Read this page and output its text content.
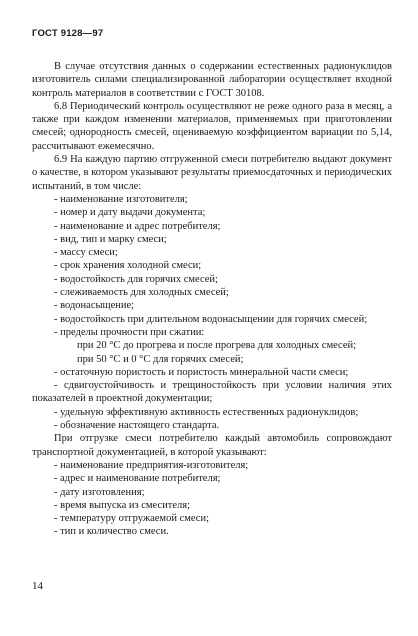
ГОСТ 9128—97

В случае отсутствия данных о содержании естественных радионуклидов изготовитель силами специализированной лаборатории осуществляет входной контроль материалов в соответствии с ГОСТ 30108.

6.8 Периодический контроль осуществляют не реже одного раза в месяц, а также при каждом изменении материалов, применяемых при приготовлении смесей; однородность смесей, оцениваемую коэффициентом вариации по 5,14, рассчитывают ежемесячно.

6.9 На каждую партию отгруженной смеси потребителю выдают документ о качестве, в котором указывают результаты приемосдаточных и периодических испытаний, в том числе:

- наименование изготовителя;

- номер и дату выдачи документа;

- наименование и адрес потребителя;

- вид, тип и марку смеси;

- массу смеси;

- срок хранения холодной смеси;

- водостойкость для горячих смесей;

- слеживаемость для холодных смесей;

- водонасыщение;

- водостойкость при длительном водонасыщении для горячих смесей;

- пределы прочности при сжатии:

при 20 °С до прогрева и после прогрева для холодных смесей;

при 50 °С и 0 °С для горячих смесей;

- остаточную пористость и пористость минеральной части смеси;

- сдвигоустойчивость и трещиностойкость при условии наличия этих показателей в проектной документации;

- удельную эффективную активность естественных радионуклидов;

- обозначение настоящего стандарта.

При отгрузке смеси потребителю каждый автомобиль сопровождают транспортной документацией, в которой указывают:

- наименование предприятия-изготовителя;

- адрес и наименование потребителя;

- дату изготовления;

- время выпуска из смесителя;

- температуру отгружаемой смеси;

- тип и количество смеси.

14
